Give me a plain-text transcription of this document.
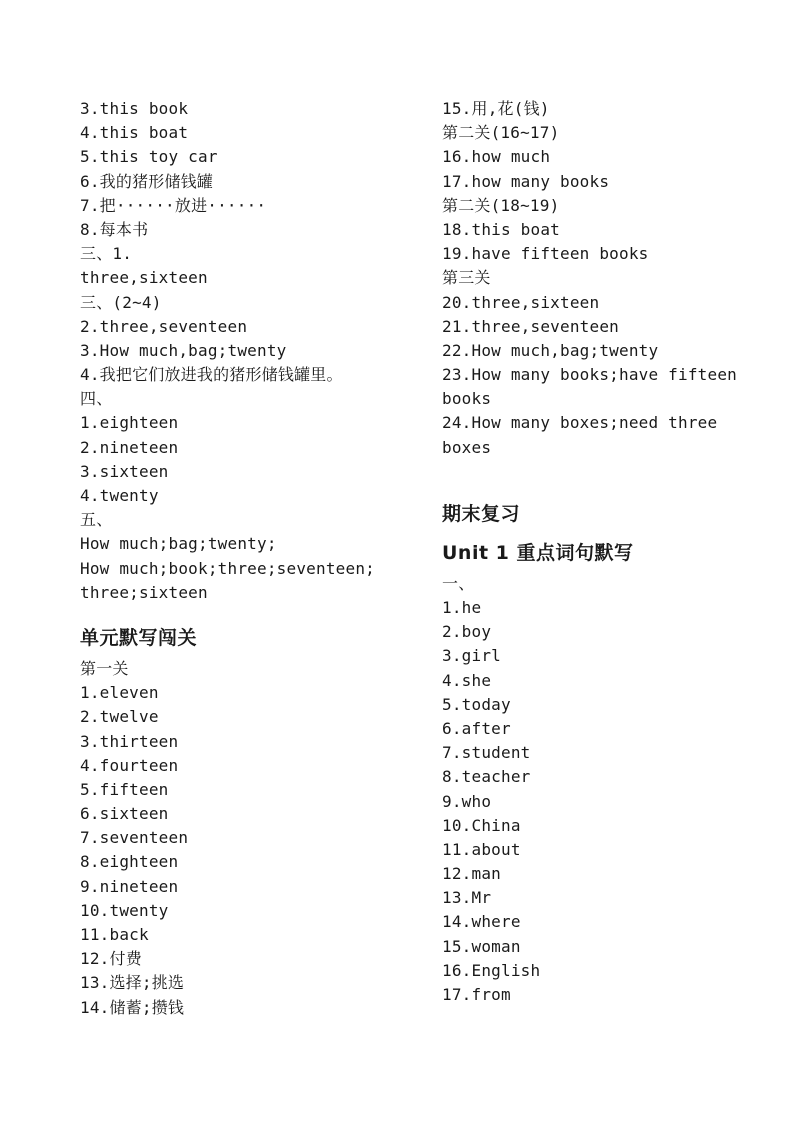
3.this book
4.this boat
5.this toy car
6.我的猪形储钱罐
7.把······放进······
8.每本书
三、1.
three,sixteen
三、(2~4)
2.three,seventeen
3.How much,bag;twenty
4.我把它们放进我的猪形储钱罐里。
四、
1.eighteen
2.nineteen
3.sixteen
4.twenty
五、
How much;bag;twenty;
How much;book;three;seventeen;
three;sixteen
单元默写闯关
第一关
1.eleven
2.twelve
3.thirteen
4.fourteen
5.fifteen
6.sixteen
7.seventeen
8.eighteen
9.nineteen
10.twenty
11.back
12.付费
13.选择;挑选
14.储蓄;攒钱
15.用,花(钱)
第二关(16~17)
16.how much
17.how many books
第二关(18~19)
18.this boat
19.have fifteen books
第三关
20.three,sixteen
21.three,seventeen
22.How much,bag;twenty
23.How many books;have fifteen
books
24.How many boxes;need three
boxes
期末复习
Unit 1 重点词句默写
一、
1.he
2.boy
3.girl
4.she
5.today
6.after
7.student
8.teacher
9.who
10.China
11.about
12.man
13.Mr
14.where
15.woman
16.English
17.from
